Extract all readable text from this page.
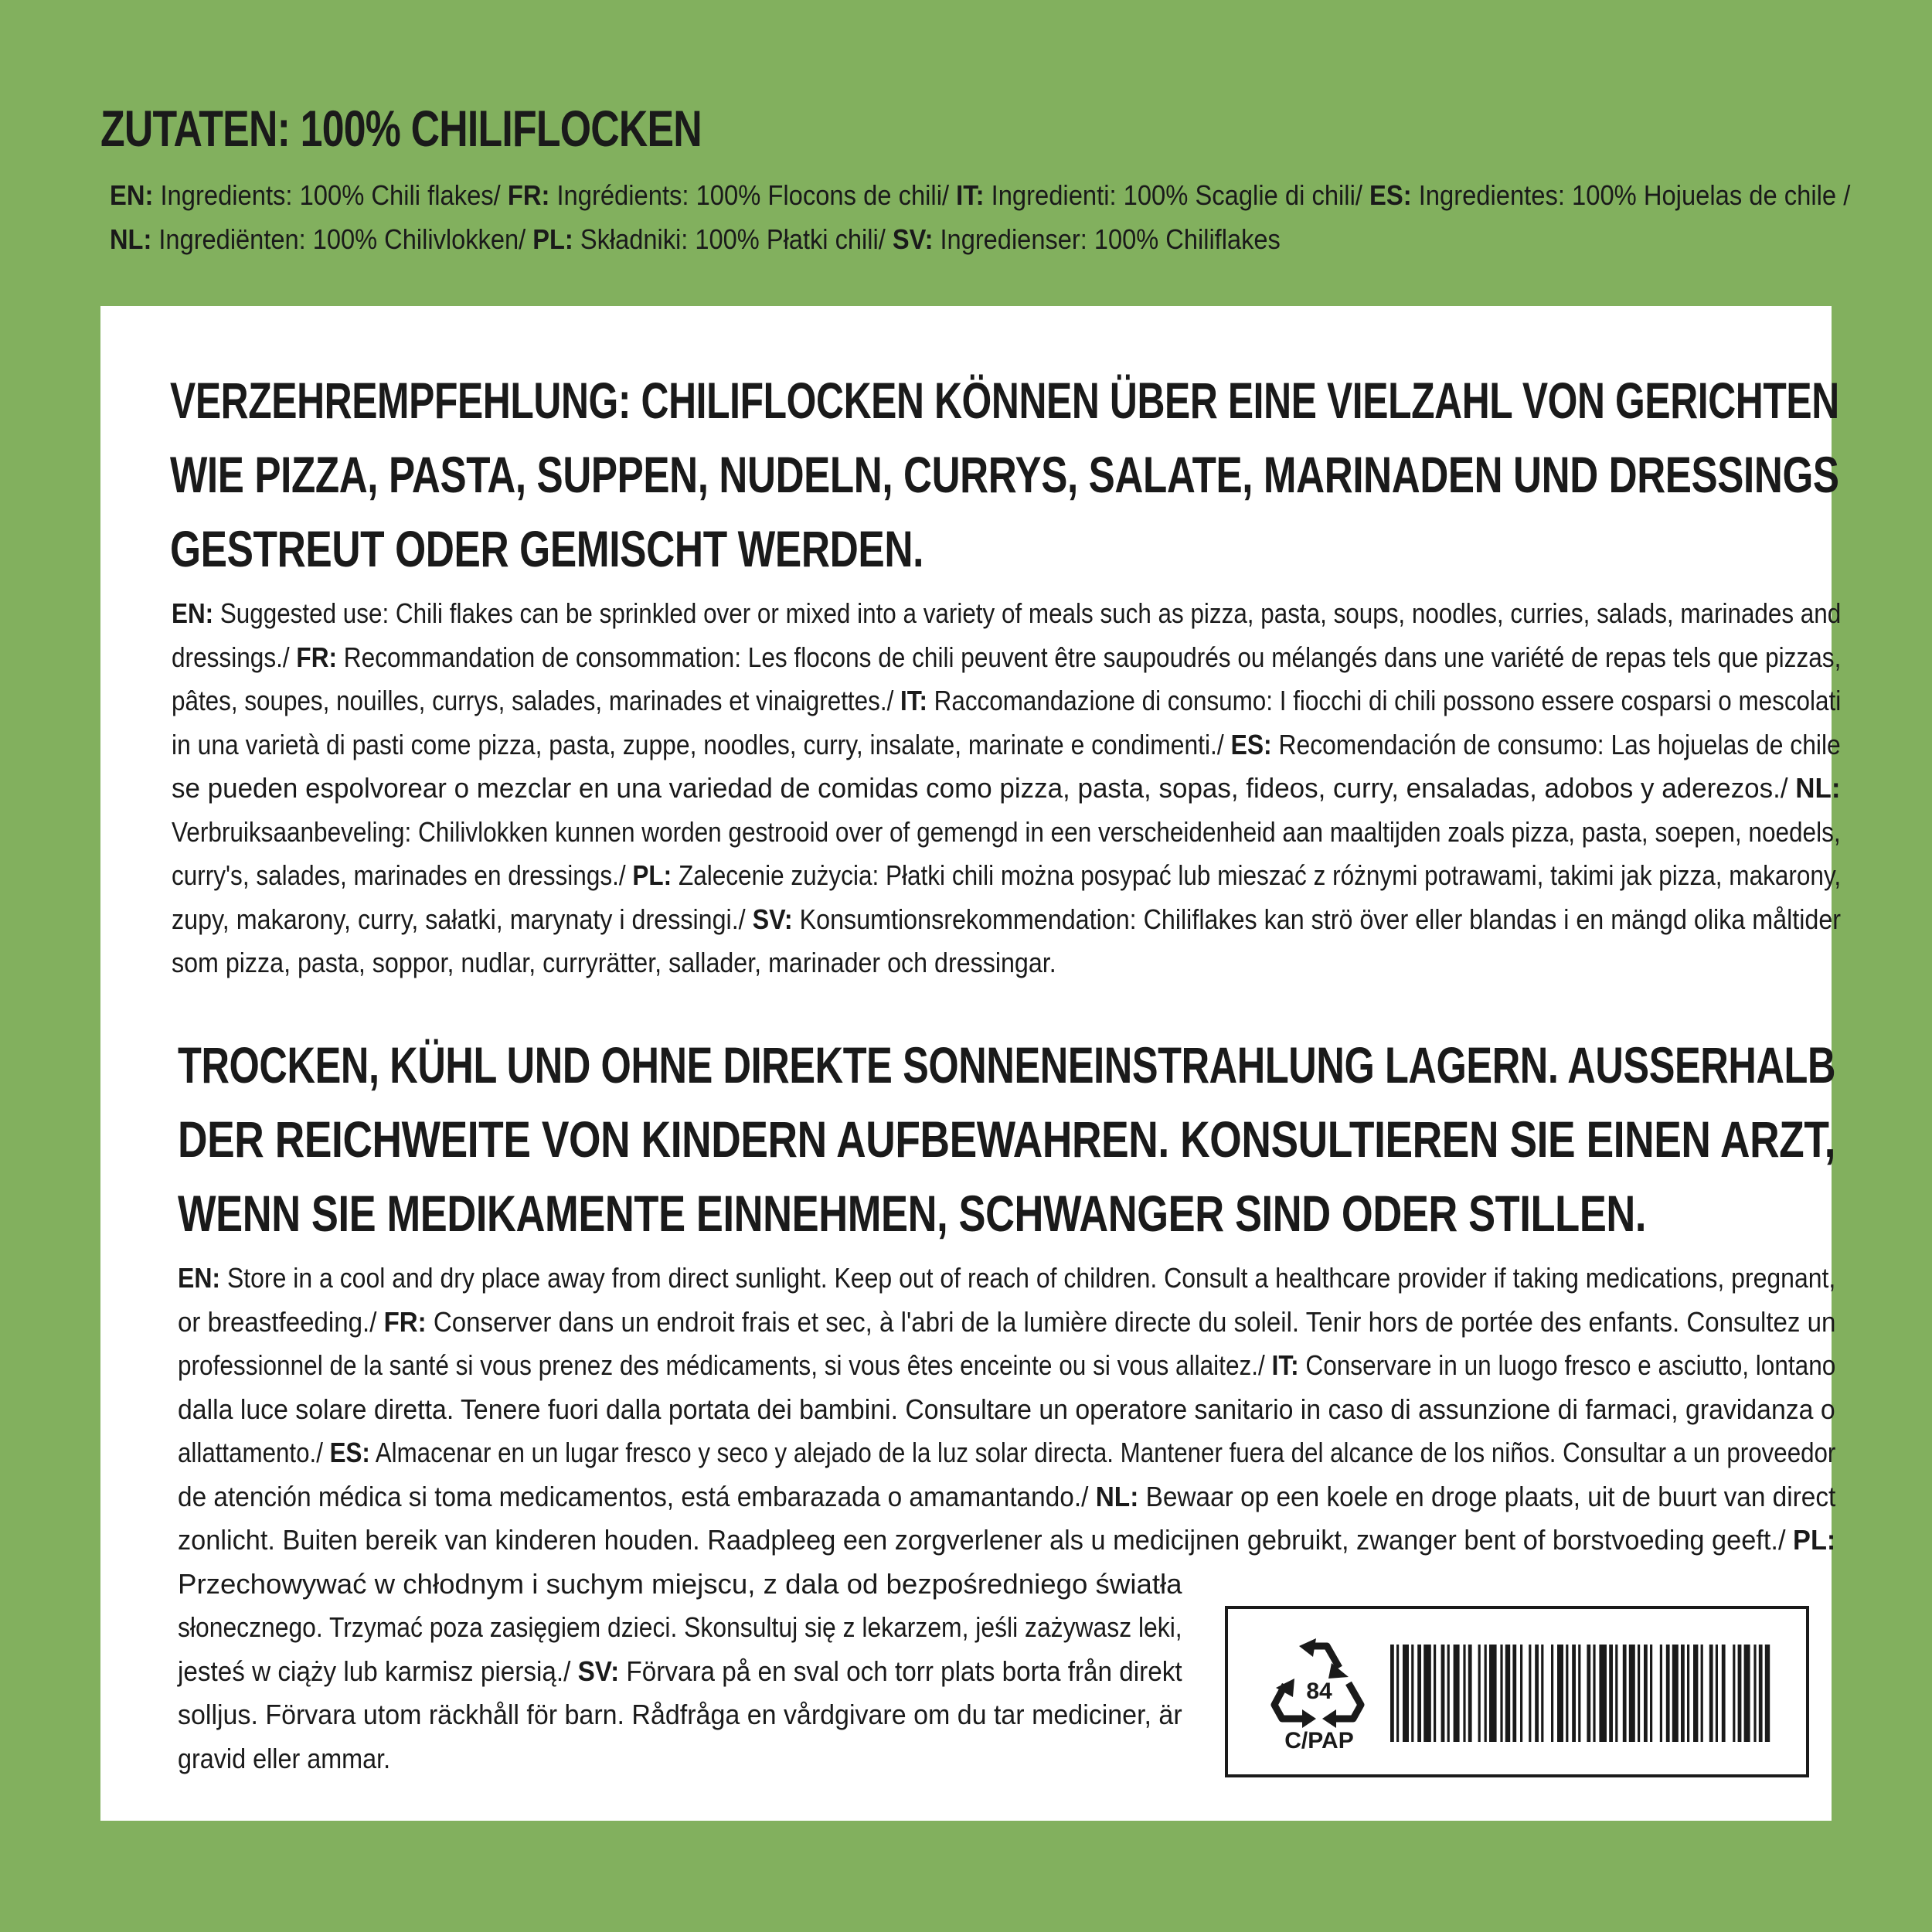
ZUTATEN: 100% CHILIFLOCKEN
EN: Ingredients: 100% Chili flakes/ FR: Ingrédients: 100% Flocons de chili/ IT: Ingredienti: 100% Scaglie di chili/ ES: Ingredientes: 100% Hojuelas de chile /
NL: Ingrediënten: 100% Chilivlokken/ PL: Składniki: 100% Płatki chili/ SV: Ingredienser: 100% Chiliflakes
VERZEHREMPFEHLUNG: CHILIFLOCKEN KÖNNEN ÜBER EINE VIELZAHL VON GERICHTEN
WIE PIZZA, PASTA, SUPPEN, NUDELN, CURRYS, SALATE, MARINADEN UND DRESSINGS
GESTREUT ODER GEMISCHT WERDEN.
EN: Suggested use: Chili flakes can be sprinkled over or mixed into a variety of meals such as pizza, pasta, soups, noodles, curries, salads, marinades and
dressings./ FR: Recommandation de consommation: Les flocons de chili peuvent être saupoudrés ou mélangés dans une variété de repas tels que pizzas,
pâtes, soupes, nouilles, currys, salades, marinades et vinaigrettes./ IT: Raccomandazione di consumo: I fiocchi di chili possono essere cosparsi o mescolati
in una varietà di pasti come pizza, pasta, zuppe, noodles, curry, insalate, marinate e condimenti./ ES: Recomendación de consumo: Las hojuelas de chile
se pueden espolvorear o mezclar en una variedad de comidas como pizza, pasta, sopas, fideos, curry, ensaladas, adobos y aderezos./ NL:
Verbruiksaanbeveling: Chilivlokken kunnen worden gestrooid over of gemengd in een verscheidenheid aan maaltijden zoals pizza, pasta, soepen, noedels,
curry's, salades, marinades en dressings./ PL: Zalecenie zużycia: Płatki chili można posypać lub mieszać z różnymi potrawami, takimi jak pizza, makarony,
zupy, makarony, curry, sałatki, marynaty i dressingi./ SV: Konsumtionsrekommendation: Chiliflakes kan strö över eller blandas i en mängd olika måltider
som pizza, pasta, soppor, nudlar, curryrätter, sallader, marinader och dressingar.
TROCKEN, KÜHL UND OHNE DIREKTE SONNENEINSTRAHLUNG LAGERN. AUSSERHALB
DER REICHWEITE VON KINDERN AUFBEWAHREN. KONSULTIEREN SIE EINEN ARZT,
WENN SIE MEDIKAMENTE EINNEHMEN, SCHWANGER SIND ODER STILLEN.
EN: Store in a cool and dry place away from direct sunlight. Keep out of reach of children. Consult a healthcare provider if taking medications, pregnant,
or breastfeeding./ FR: Conserver dans un endroit frais et sec, à l'abri de la lumière directe du soleil. Tenir hors de portée des enfants. Consultez un
professionnel de la santé si vous prenez des médicaments, si vous êtes enceinte ou si vous allaitez./ IT: Conservare in un luogo fresco e asciutto, lontano
dalla luce solare diretta. Tenere fuori dalla portata dei bambini. Consultare un operatore sanitario in caso di assunzione di farmaci, gravidanza o
allattamento./ ES: Almacenar en un lugar fresco y seco y alejado de la luz solar directa. Mantener fuera del alcance de los niños. Consultar a un proveedor
de atención médica si toma medicamentos, está embarazada o amamantando./ NL: Bewaar op een koele en droge plaats, uit de buurt van direct
zonlicht. Buiten bereik van kinderen houden. Raadpleeg een zorgverlener als u medicijnen gebruikt, zwanger bent of borstvoeding geeft./ PL:
Przechowywać w chłodnym i suchym miejscu, z dala od bezpośredniego światła
słonecznego. Trzymać poza zasięgiem dzieci. Skonsultuj się z lekarzem, jeśli zażywasz leki,
jesteś w ciąży lub karmisz piersią./ SV: Förvara på en sval och torr plats borta från direkt
solljus. Förvara utom räckhåll för barn. Rådfråga en vårdgivare om du tar mediciner, är
gravid eller ammar.
84
C/PAP
